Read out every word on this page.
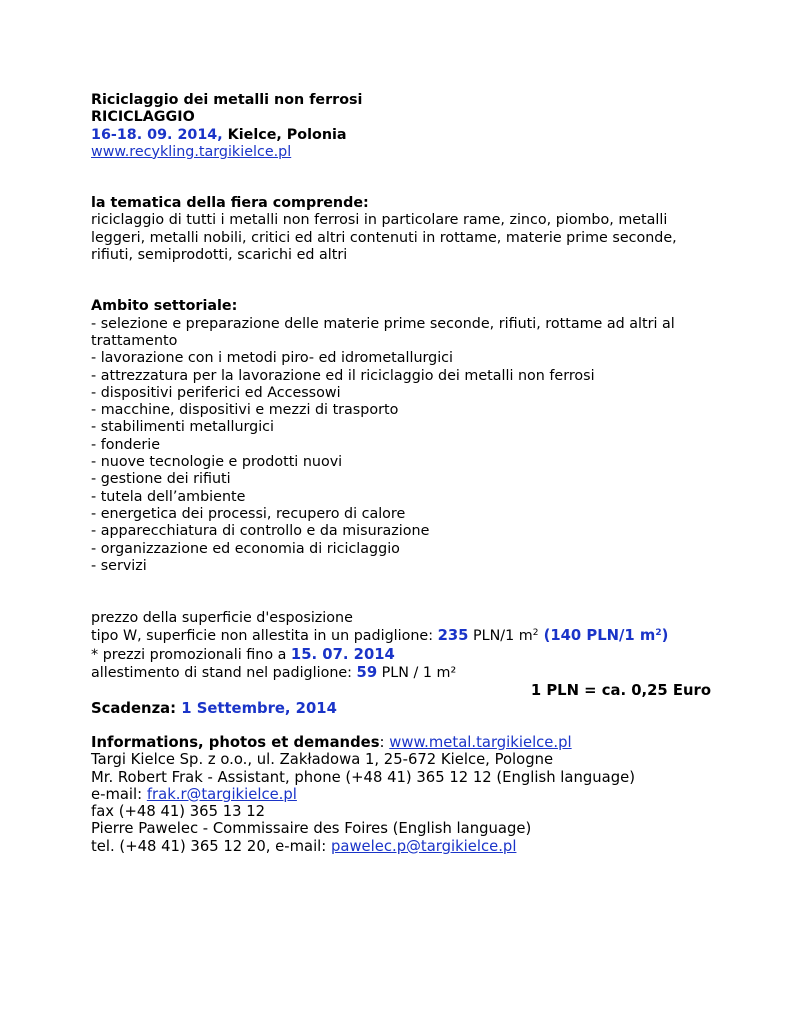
Riciclaggio dei metalli non ferrosi
RICICLAGGIO
16-18. 09. 2014, Kielce, Polonia
www.recykling.targikielce.pl
la tematica della fiera comprende:
riciclaggio di tutti i metalli non ferrosi in particolare rame, zinco, piombo, metalli leggeri, metalli nobili, critici ed altri contenuti in rottame, materie prime seconde, rifiuti, semiprodotti, scarichi ed altri
Ambito settoriale:
- selezione e preparazione delle materie prime seconde, rifiuti, rottame ad altri al trattamento
- lavorazione con i metodi piro- ed idrometallurgici
- attrezzatura per la lavorazione ed il riciclaggio dei metalli non ferrosi
- dispositivi periferici ed Accessowi
- macchine, dispositivi e mezzi di trasporto
- stabilimenti metallurgici
- fonderie
- nuove tecnologie e prodotti nuovi
- gestione dei rifiuti
- tutela dell’ambiente
- energetica dei processi, recupero di calore
- apparecchiatura di controllo e da misurazione
- organizzazione ed economia di riciclaggio
- servizi
prezzo della superficie d'esposizione
tipo W, superficie non allestita in un padiglione: 235 PLN/1 $m^2$ (140 PLN/1 $m^2$)
* prezzi promozionali fino a 15. 07. 2014
allestimento di stand nel padiglione: 59 PLN / 1 m²
1 PLN = ca. 0,25 Euro
Scadenza: 1 Settembre, 2014
Informations, photos et demandes: www.metal.targikielce.pl
Targi Kielce Sp. z o.o., ul. Zakładowa 1, 25-672 Kielce, Pologne
Mr. Robert Frak - Assistant, phone (+48 41) 365 12 12 (English language)
e-mail: frak.r@targikielce.pl
fax (+48 41) 365 13 12
Pierre Pawelec - Commissaire des Foires (English language)
tel. (+48 41) 365 12 20, e-mail: pawelec.p@targikielce.pl
